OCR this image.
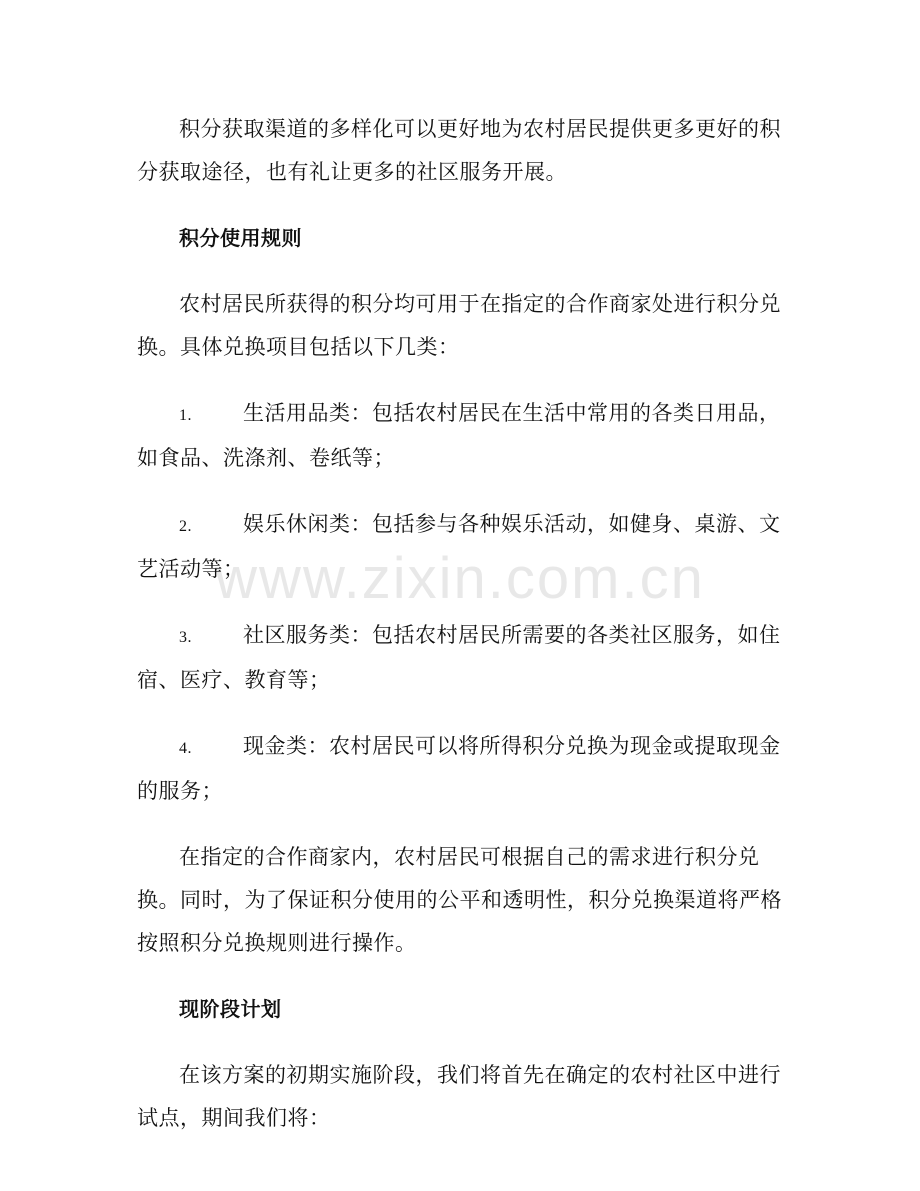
www.zixin.com.cn

积分获取渠道的多样化可以更好地为农村居民提供更多更好的积分获取途径，也有礼让更多的社区服务开展。

积分使用规则

农村居民所获得的积分均可用于在指定的合作商家处进行积分兑换。具体兑换项目包括以下几类：

1. 生活用品类：包括农村居民在生活中常用的各类日用品，如食品、洗涤剂、卷纸等；

2. 娱乐休闲类：包括参与各种娱乐活动，如健身、桌游、文艺活动等；

3. 社区服务类：包括农村居民所需要的各类社区服务，如住宿、医疗、教育等；

4. 现金类：农村居民可以将所得积分兑换为现金或提取现金的服务；

在指定的合作商家内，农村居民可根据自己的需求进行积分兑换。同时，为了保证积分使用的公平和透明性，积分兑换渠道将严格按照积分兑换规则进行操作。

现阶段计划

在该方案的初期实施阶段，我们将首先在确定的农村社区中进行试点，期间我们将：
